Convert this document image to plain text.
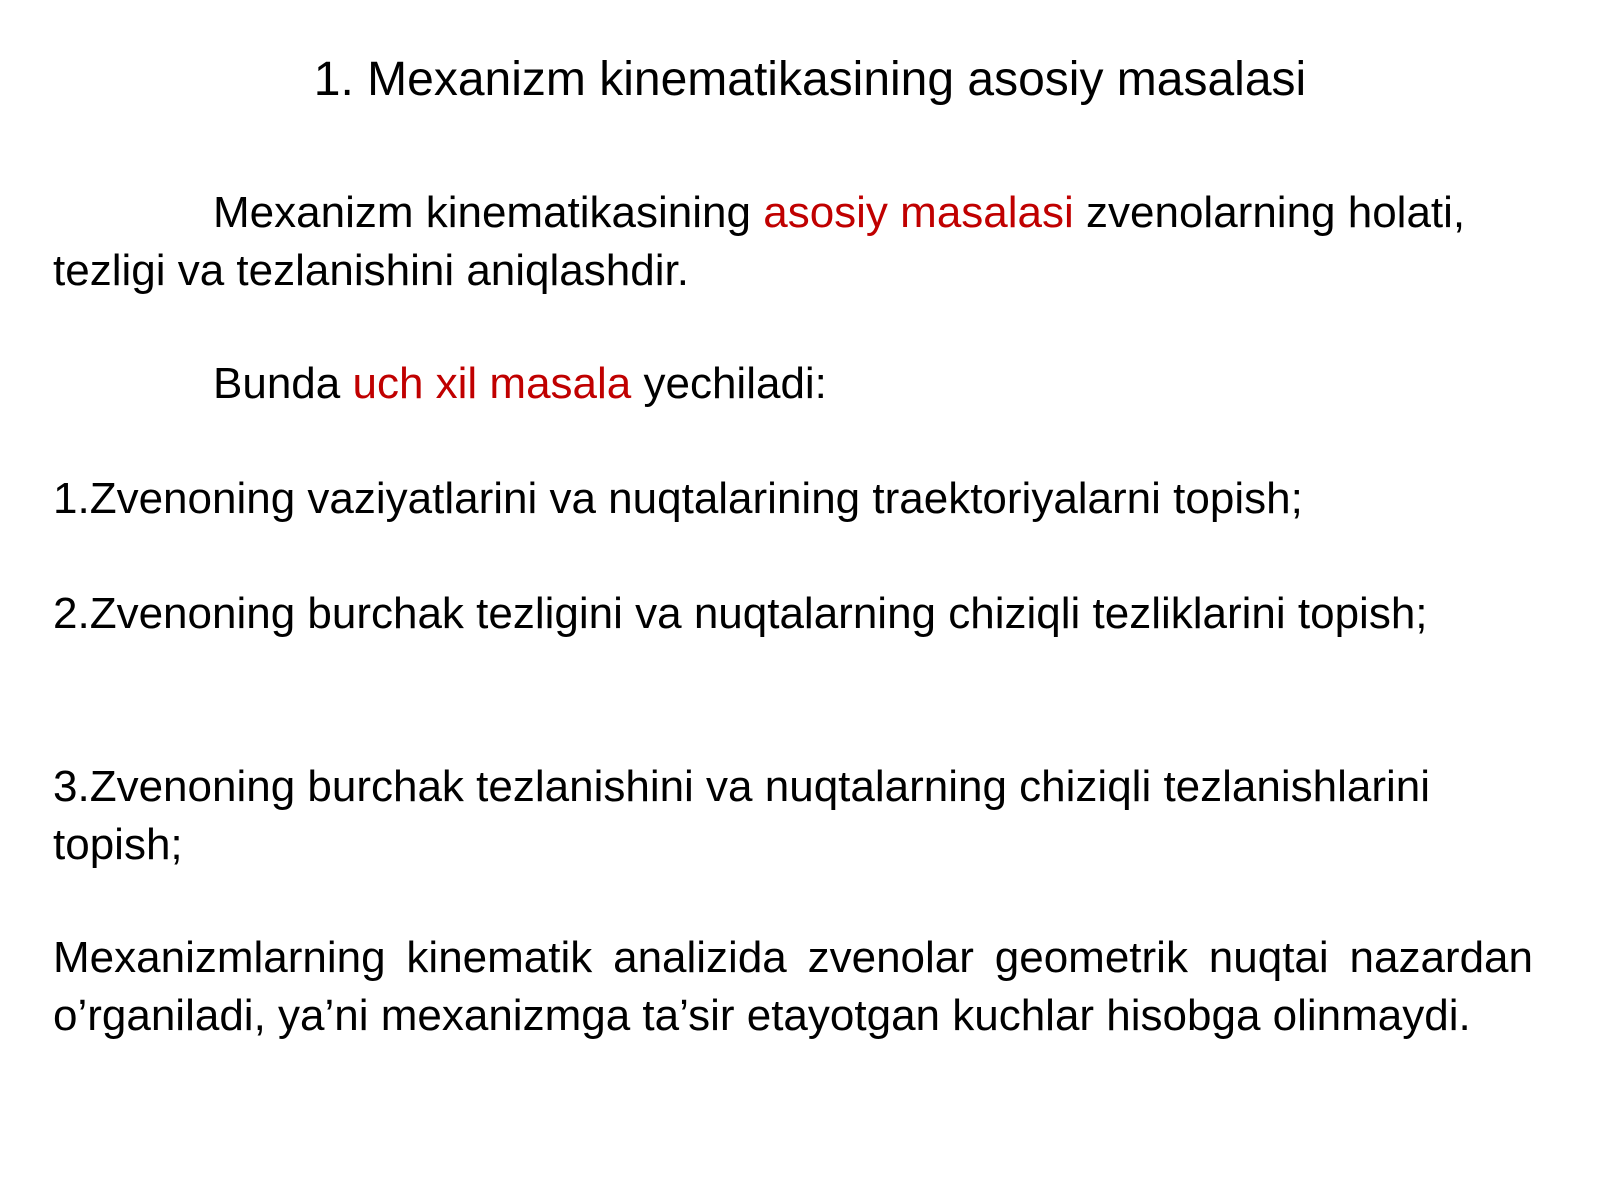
1. Mexanizm kinematikasining asosiy masalasi

Mexanizm kinematikasining asosiy masalasi zvenolarning holati, tezligi va tezlanishini aniqlashdir.

Bunda uch xil masala yechiladi:

1.Zvenoning vaziyatlarini va nuqtalarining traektoriyalarni topish;

2.Zvenoning burchak tezligini va nuqtalarning chiziqli tezliklarini topish;

3.Zvenoning burchak tezlanishini va nuqtalarning chiziqli tezlanishlarini topish;

Mexanizmlarning kinematik analizida zvenolar geometrik nuqtai nazardan o’rganiladi, ya’ni mexanizmga ta’sir etayotgan kuchlar hisobga olinmaydi.
